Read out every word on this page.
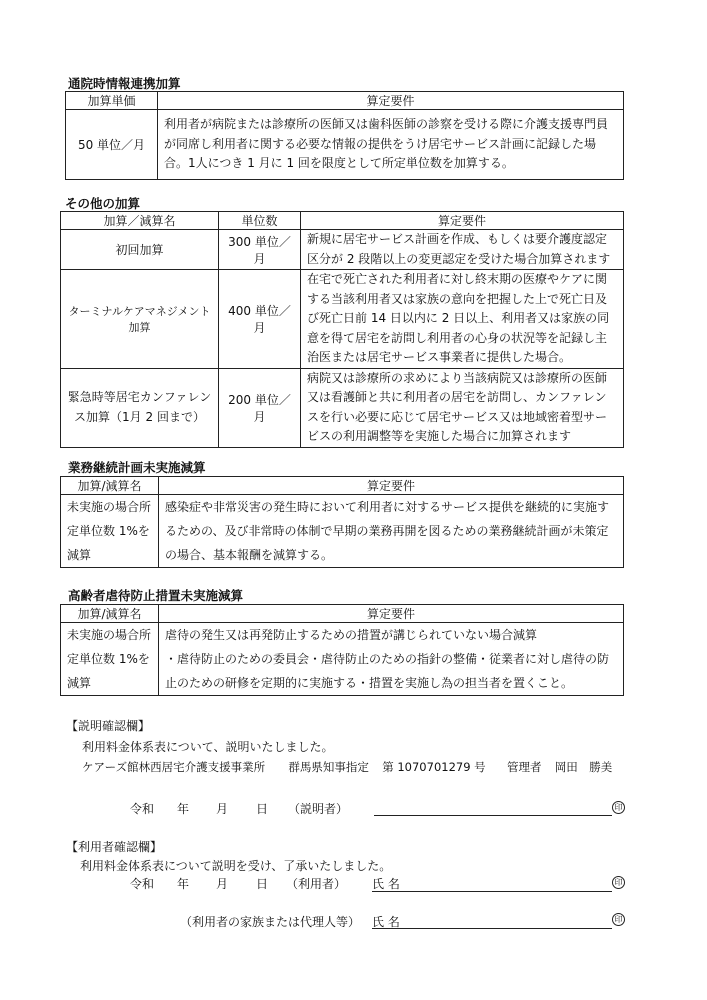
通院時情報連携加算
加算単価	算定要件
50 単位／月	利用者が病院または診療所の医師又は歯科医師の診察を受ける際に介護支援専門員が同席し利用者に関する必要な情報の提供をうけ居宅サービス計画に記録した場合。1人につき 1 月に 1 回を限度として所定単位数を加算する。
その他の加算
加算／減算名	単位数	算定要件
初回加算	300 単位／月	新規に居宅サービス計画を作成、もしくは要介護度認定区分が 2 段階以上の変更認定を受けた場合加算されます
ターミナルケアマネジメント加算	400 単位／月	在宅で死亡された利用者に対し終末期の医療やケアに関する当該利用者又は家族の意向を把握した上で死亡日及び死亡日前 14 日以内に 2 日以上、利用者又は家族の同意を得て居宅を訪問し利用者の心身の状況等を記録し主治医または居宅サービス事業者に提供した場合。
緊急時等居宅カンファレンス加算（1月 2 回まで）	200 単位／月	病院又は診療所の求めにより当該病院又は診療所の医師又は看護師と共に利用者の居宅を訪問し、カンファレンスを行い必要に応じて居宅サービス又は地域密着型サービスの利用調整等を実施した場合に加算されます
業務継続計画未実施減算
加算/減算名	算定要件
未実施の場合所定単位数 1%を減算	感染症や非常災害の発生時において利用者に対するサービス提供を継続的に実施するための、及び非常時の体制で早期の業務再開を図るための業務継続計画が未策定の場合、基本報酬を減算する。
高齢者虐待防止措置未実施減算
加算/減算名	算定要件
未実施の場合所定単位数 1%を減算	虐待の発生又は再発防止するための措置が講じられていない場合減算
・虐待防止のための委員会・虐待防止のための指針の整備・従業者に対し虐待の防止のための研修を定期的に実施する・措置を実施し為の担当者を置くこと。
【説明確認欄】
利用料金体系表について、説明いたしました。
ケアーズ館林西居宅介護支援事業所 群馬県知事指定 第 1070701279 号 管理者 岡田　勝美
令和 年 月 日 （説明者）	印
【利用者確認欄】
利用料金体系表について説明を受け、了承いたしました。
令和 年 月 日 （利用者） 氏 名	印
（利用者の家族または代理人等） 氏 名	印
